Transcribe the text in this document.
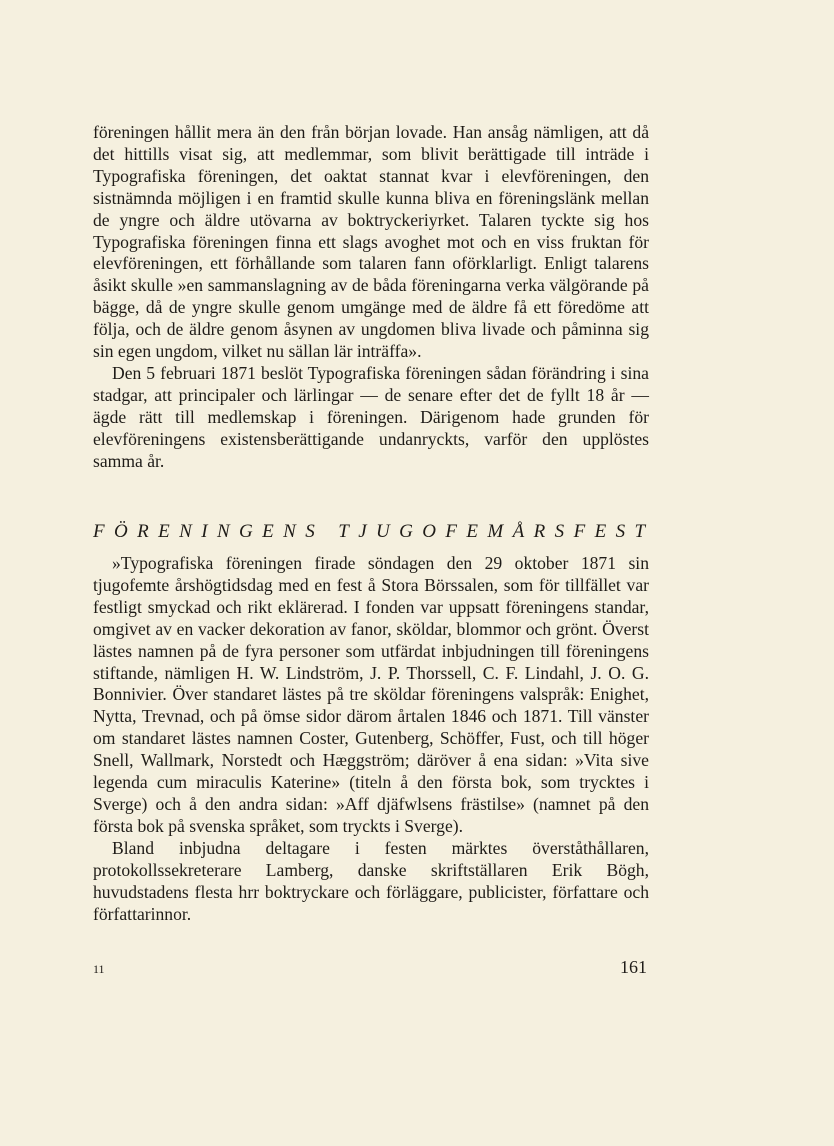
föreningen hållit mera än den från början lovade. Han ansåg nämligen, att då det hittills visat sig, att medlemmar, som blivit berättigade till inträde i Typografiska föreningen, det oaktat stannat kvar i elevföreningen, den sistnämnda möjligen i en framtid skulle kunna bliva en föreningslänk mellan de yngre och äldre utövarna av boktryckeriyrket. Talaren tyckte sig hos Typografiska föreningen finna ett slags avoghet mot och en viss fruktan för elevföreningen, ett förhållande som talaren fann oförklarligt. Enligt talarens åsikt skulle »en sammanslagning av de båda föreningarna verka välgörande på bägge, då de yngre skulle genom umgänge med de äldre få ett föredöme att följa, och de äldre genom åsynen av ungdomen bliva livade och påminna sig sin egen ungdom, vilket nu sällan lär inträffa».

Den 5 februari 1871 beslöt Typografiska föreningen sådan förändring i sina stadgar, att principaler och lärlingar — de senare efter det de fyllt 18 år — ägde rätt till medlemskap i föreningen. Därigenom hade grunden för elevföreningens existensberättigande undanryckts, varför den upplöstes samma år.

FÖRENINGENS TJUGOFEMÅRSFEST

»Typografiska föreningen firade söndagen den 29 oktober 1871 sin tjugofemte årshögtidsdag med en fest å Stora Börssalen, som för tillfället var festligt smyckad och rikt eklärerad. I fonden var uppsatt föreningens standar, omgivet av en vacker dekoration av fanor, sköldar, blommor och grönt. Överst lästes namnen på de fyra personer som utfärdat inbjudningen till föreningens stiftande, nämligen H. W. Lindström, J. P. Thorssell, C. F. Lindahl, J. O. G. Bonnivier. Över standaret lästes på tre sköldar föreningens valspråk: Enighet, Nytta, Trevnad, och på ömse sidor därom årtalen 1846 och 1871. Till vänster om standaret lästes namnen Coster, Gutenberg, Schöffer, Fust, och till höger Snell, Wallmark, Norstedt och Hæggström; däröver å ena sidan: »Vita sive legenda cum miraculis Katerine» (titeln å den första bok, som trycktes i Sverge) och å den andra sidan: »Aff djäfwlsens frästilse» (namnet på den första bok på svenska språket, som tryckts i Sverge).

Bland inbjudna deltagare i festen märktes överståthållaren, protokollssekreterare Lamberg, danske skriftställaren Erik Bögh, huvudstadens flesta hrr boktryckare och förläggare, publicister, författare och författarinnor.

11	161
